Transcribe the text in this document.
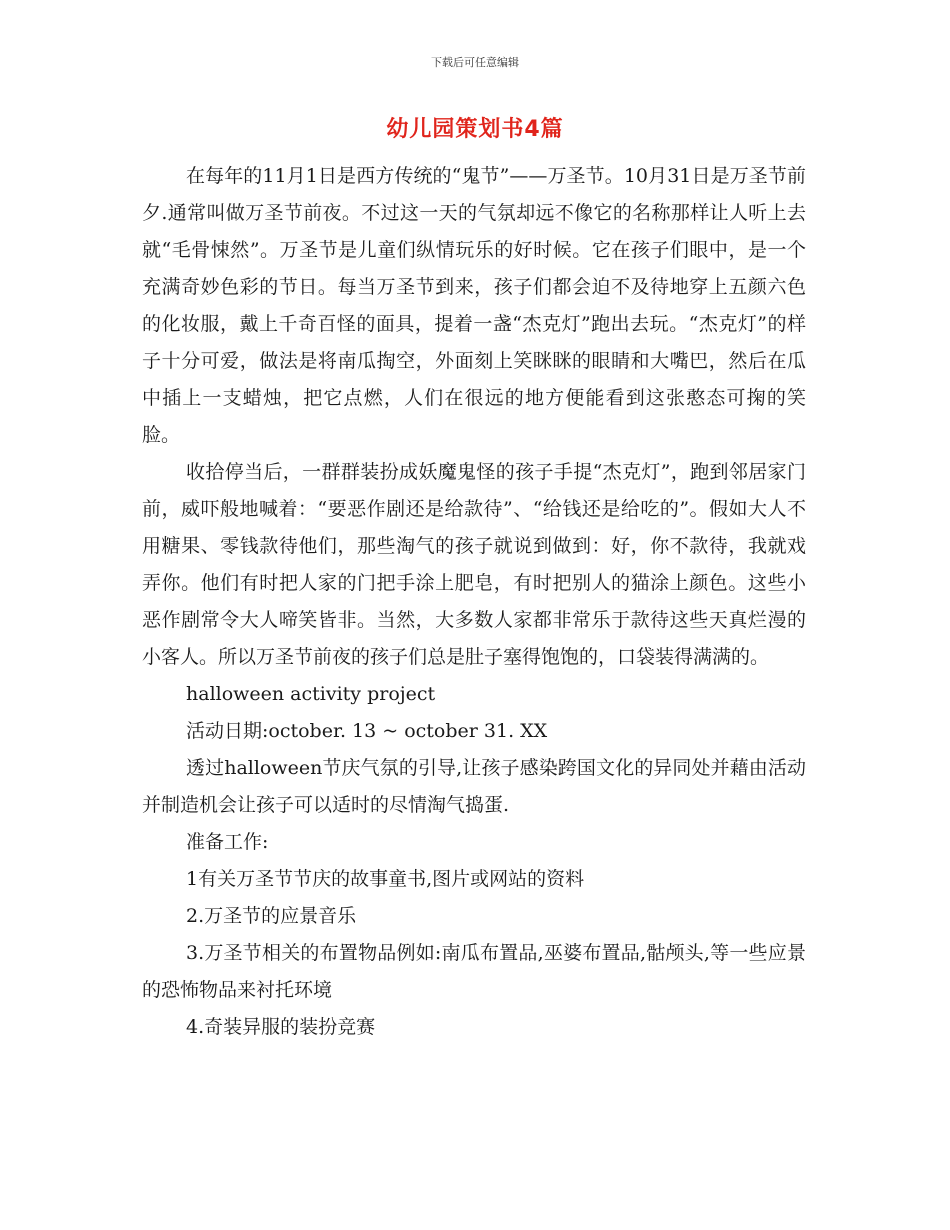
下载后可任意编辑
幼儿园策划书4篇

在每年的11月1日是西方传统的“鬼节”——万圣节。10月31日是万圣节前夕.通常叫做万圣节前夜。不过这一天的气氛却远不像它的名称那样让人听上去就“毛骨悚然”。万圣节是儿童们纵情玩乐的好时候。它在孩子们眼中，是一个充满奇妙色彩的节日。每当万圣节到来，孩子们都会迫不及待地穿上五颜六色的化妆服，戴上千奇百怪的面具，提着一盏“杰克灯”跑出去玩。“杰克灯”的样子十分可爱，做法是将南瓜掏空，外面刻上笑眯眯的眼睛和大嘴巴，然后在瓜中插上一支蜡烛，把它点燃，人们在很远的地方便能看到这张憨态可掬的笑脸。

收拾停当后，一群群装扮成妖魔鬼怪的孩子手提“杰克灯”，跑到邻居家门前，威吓般地喊着：“要恶作剧还是给款待”、“给钱还是给吃的”。假如大人不用糖果、零钱款待他们，那些淘气的孩子就说到做到：好，你不款待，我就戏弄你。他们有时把人家的门把手涂上肥皂，有时把别人的猫涂上颜色。这些小恶作剧常令大人啼笑皆非。当然，大多数人家都非常乐于款待这些天真烂漫的小客人。所以万圣节前夜的孩子们总是肚子塞得饱饱的，口袋装得满满的。

halloween activity project

活动日期:october. 13 ~ october 31. XX

透过halloween节庆气氛的引导,让孩子感染跨国文化的异同处并藉由活动并制造机会让孩子可以适时的尽情淘气捣蛋.

准备工作:

1有关万圣节节庆的故事童书,图片或网站的资料

2.万圣节的应景音乐

3.万圣节相关的布置物品例如:南瓜布置品,巫婆布置品,骷颅头,等一些应景的恐怖物品来衬托环境

4.奇装异服的装扮竞赛
